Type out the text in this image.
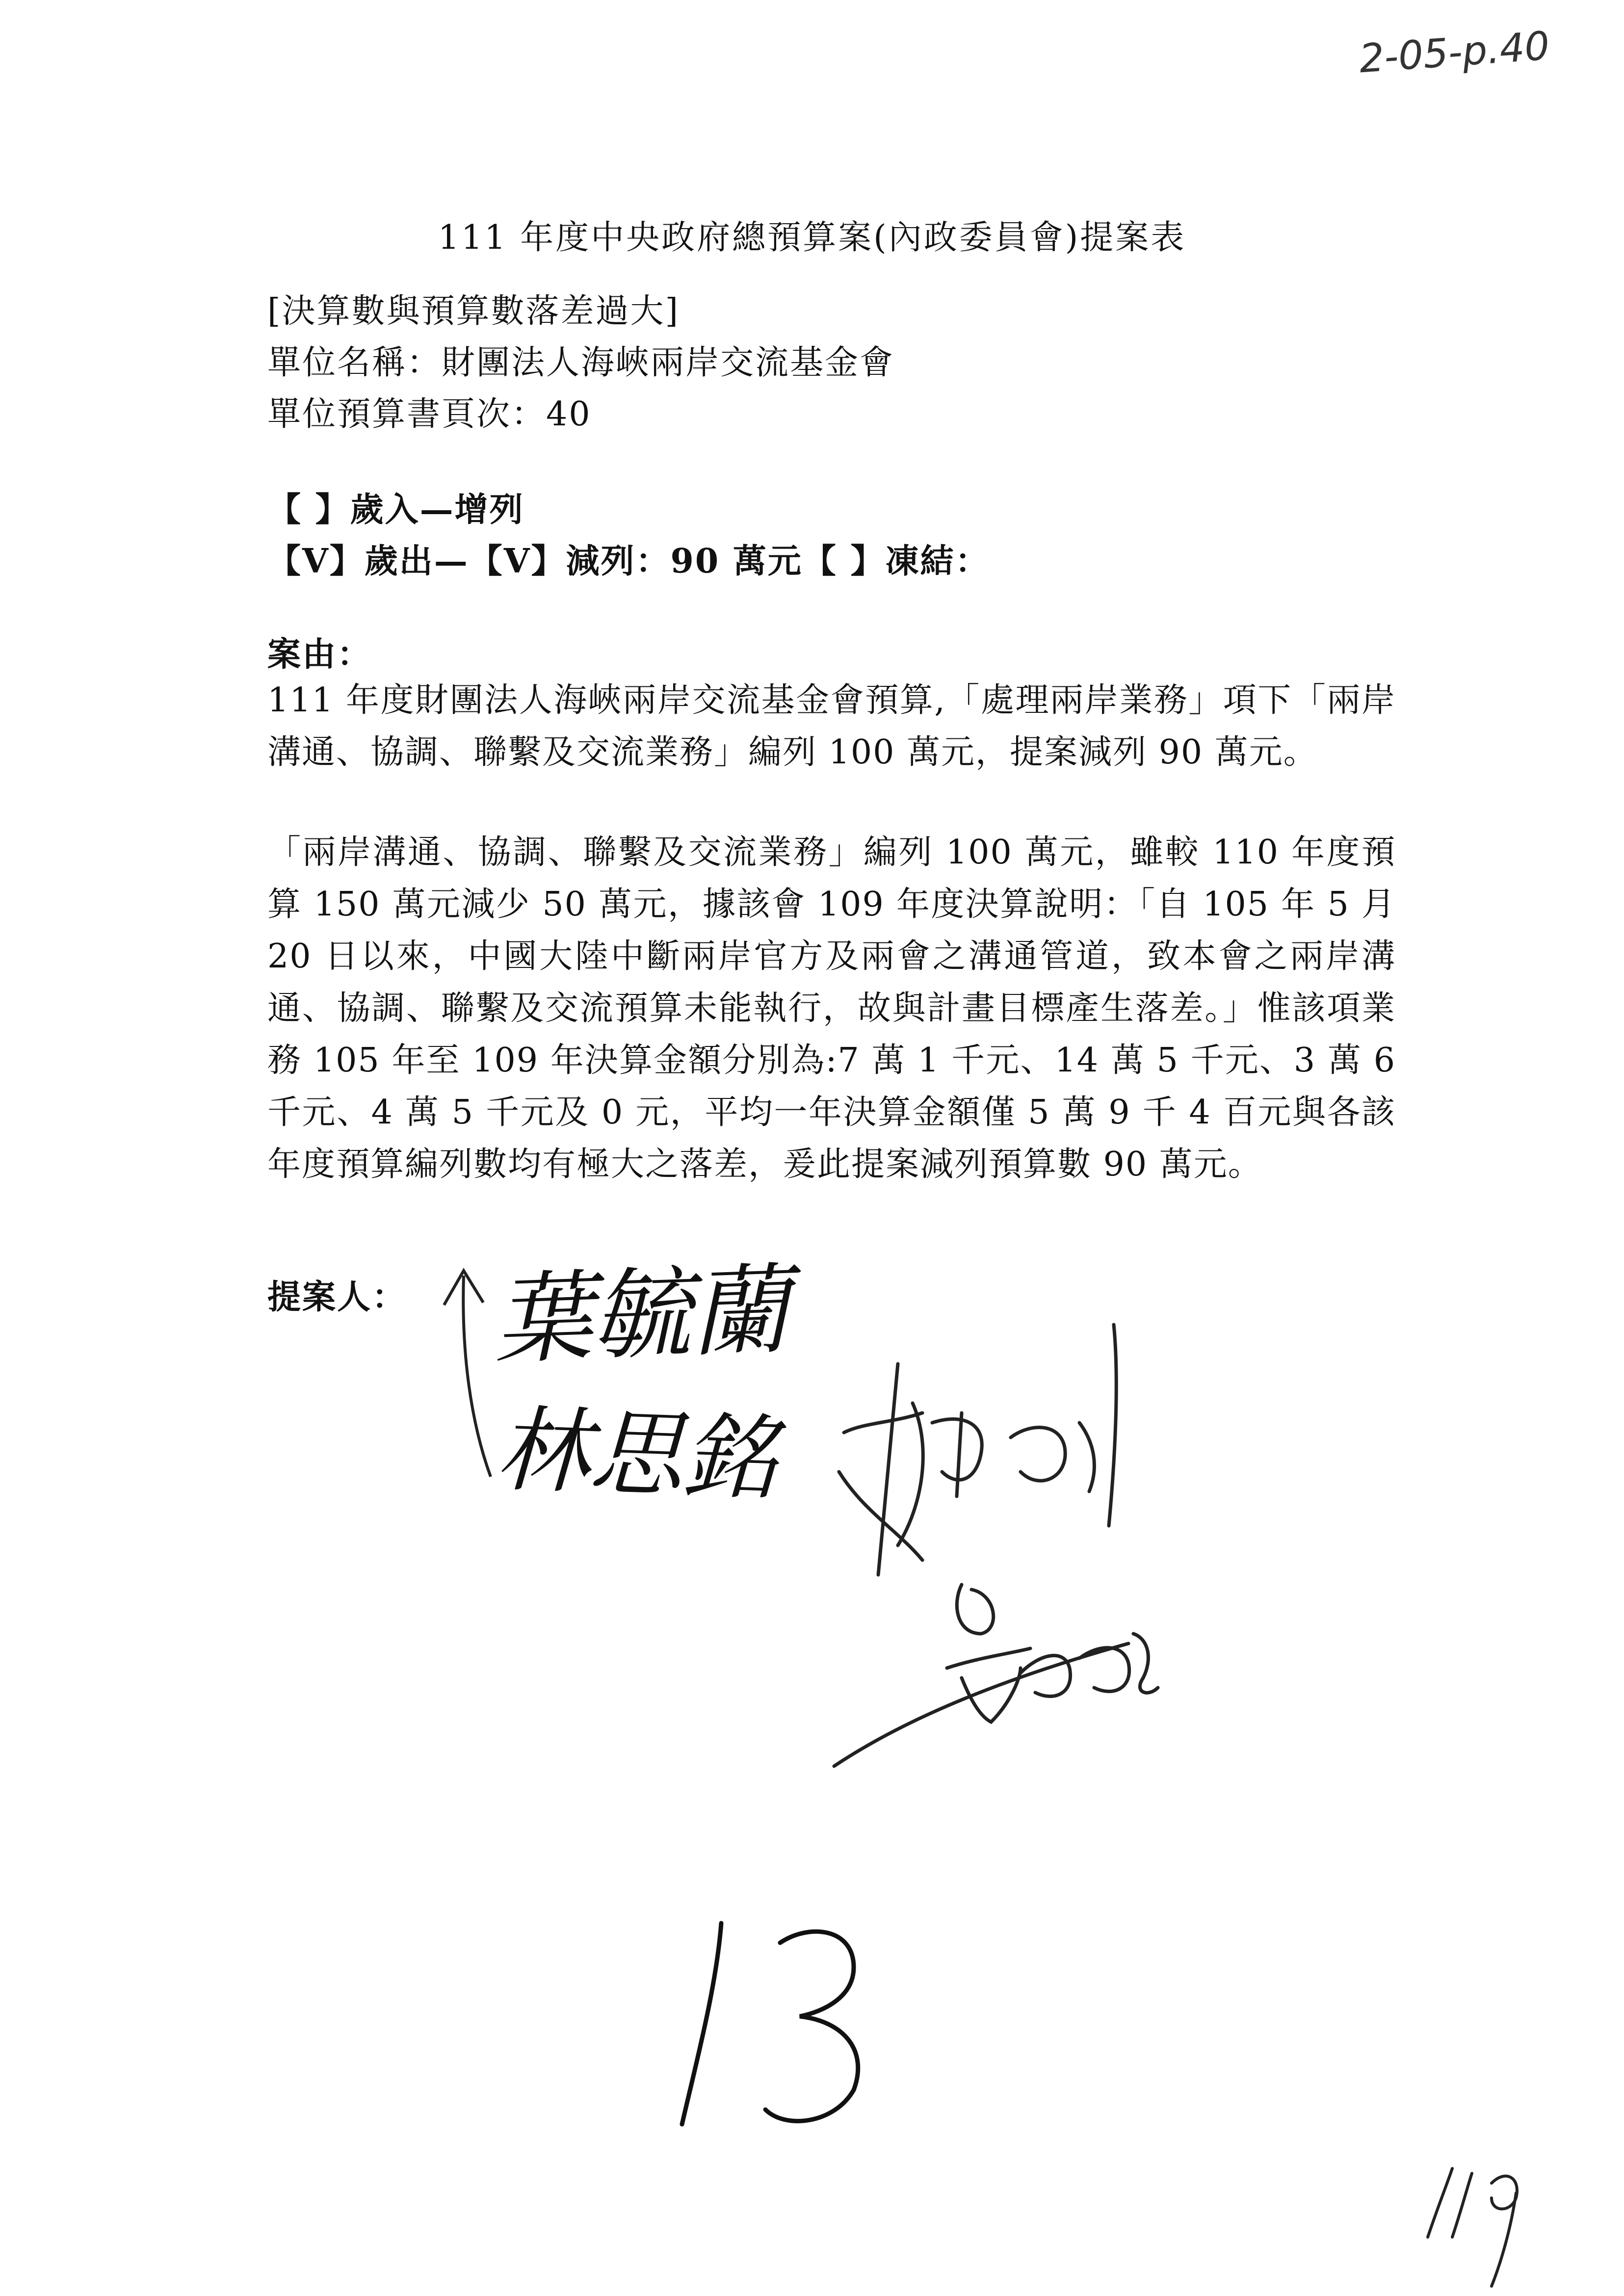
2-05-p.40
111 年度中央政府總預算案(內政委員會)提案表
[決算數與預算數落差過大]
單位名稱：財團法人海峽兩岸交流基金會
單位預算書頁次：40
【 】歲入—增列
【V】歲出—【V】減列：90 萬元【 】凍結：
案由：
111 年度財團法人海峽兩岸交流基金會預算,「處理兩岸業務」項下「兩岸溝通、協調、聯繫及交流業務」編列 100 萬元，提案減列 90 萬元。
「兩岸溝通、協調、聯繫及交流業務」編列 100 萬元，雖較 110 年度預算 150 萬元減少 50 萬元，據該會 109 年度決算說明：「自 105 年 5 月 20 日以來，中國大陸中斷兩岸官方及兩會之溝通管道，致本會之兩岸溝通、協調、聯繫及交流預算未能執行，故與計畫目標產生落差。」惟該項業務 105 年至 109 年決算金額分別為:7 萬 1 千元、14 萬 5 千元、3 萬 6 千元、4 萬 5 千元及 0 元，平均一年決算金額僅 5 萬 9 千 4 百元與各該年度預算編列數均有極大之落差，爰此提案減列預算數 90 萬元。
提案人： 葉毓蘭
林思銘
